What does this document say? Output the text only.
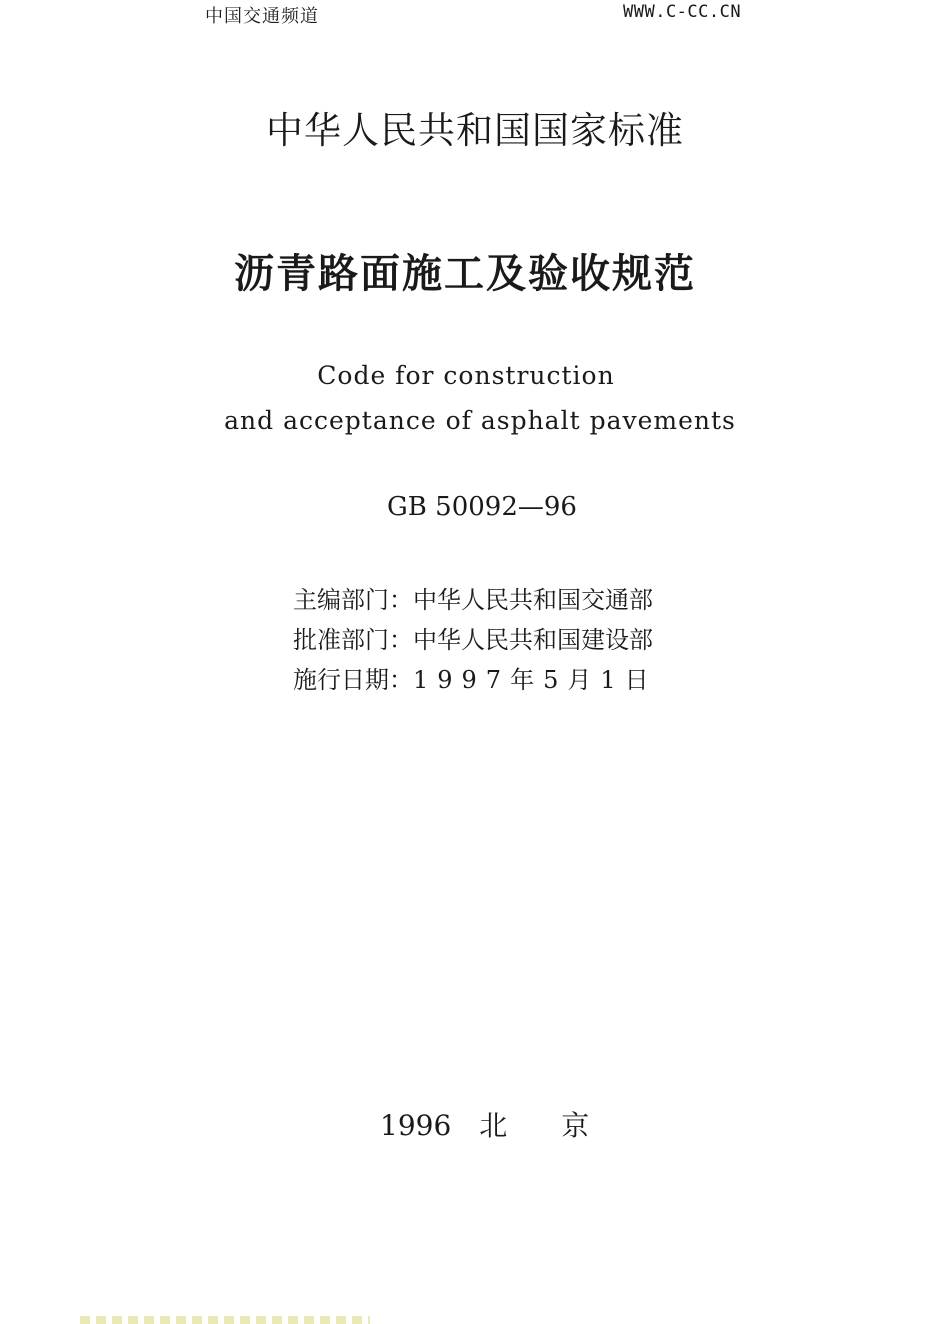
中国交通频道	WWW.C-CC.CN
中华人民共和国国家标准
沥青路面施工及验收规范
Code for construction
and acceptance of asphalt pavements
GB 50092—96
主编部门：中华人民共和国交通部
批准部门：中华人民共和国建设部
施行日期：1997年5月1日
1996 北 京
